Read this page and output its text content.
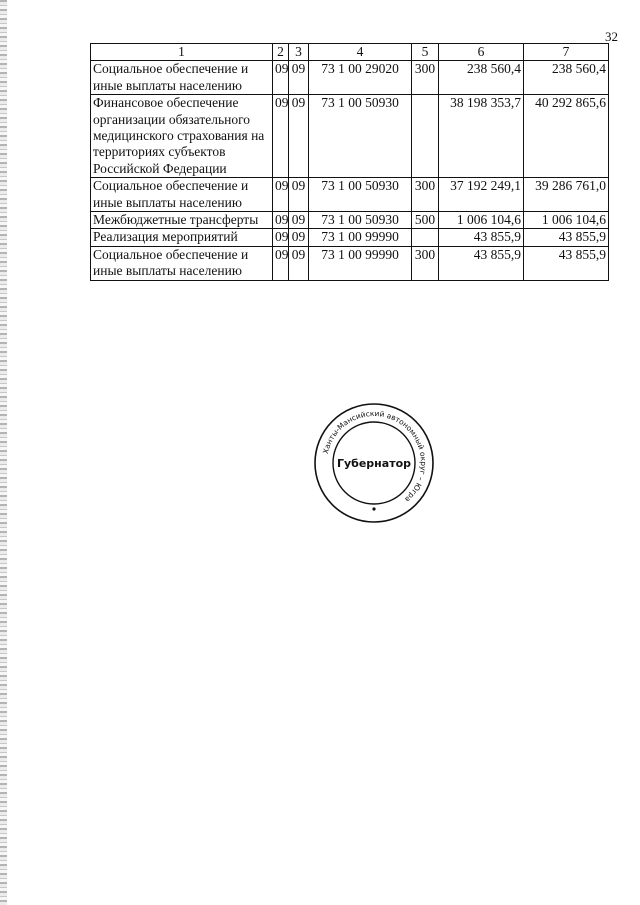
32
1	2	3	4	5	6	7
Социальное обеспечение и иные выплаты населению	09	09	73 1 00 29020	300	238 560,4	238 560,4
Финансовое обеспечение организации обязательного медицинского страхования на территориях субъектов Российской Федерации	09	09	73 1 00 50930		38 198 353,7	40 292 865,6
Социальное обеспечение и иные выплаты населению	09	09	73 1 00 50930	300	37 192 249,1	39 286 761,0
Межбюджетные трансферты	09	09	73 1 00 50930	500	1 006 104,6	1 006 104,6
Реализация мероприятий	09	09	73 1 00 99990		43 855,9	43 855,9
Социальное обеспечение и иные выплаты населению	09	09	73 1 00 99990	300	43 855,9	43 855,9
Ханты-Мансийский автономный округ – Югра
Губернатор
